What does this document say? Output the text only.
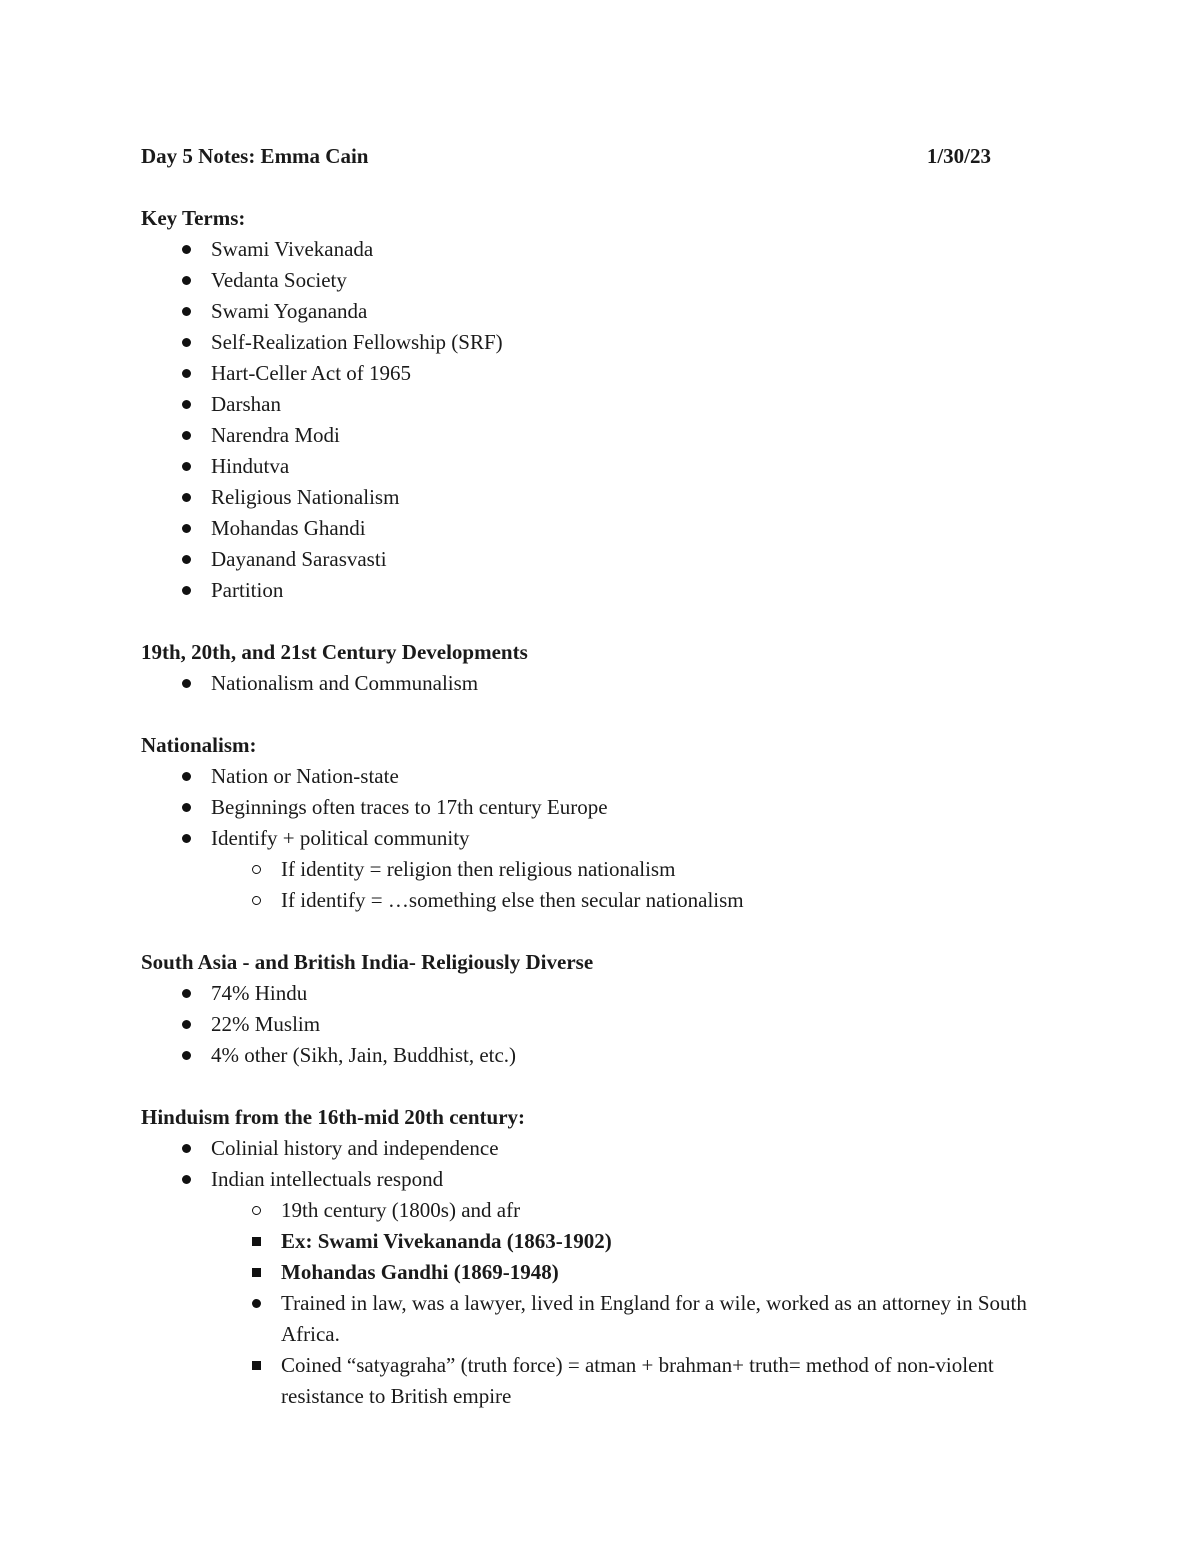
Day 5 Notes: Emma Cain	1/30/23
Key Terms:
Swami Vivekanada
Vedanta Society
Swami Yogananda
Self-Realization Fellowship (SRF)
Hart-Celler Act of 1965
Darshan
Narendra Modi
Hindutva
Religious Nationalism
Mohandas Ghandi
Dayanand Sarasvasti
Partition
19th, 20th, and 21st Century Developments
Nationalism and Communalism
Nationalism:
Nation or Nation-state
Beginnings often traces to 17th century Europe
Identify + political community
If identity = religion then religious nationalism
If identify = …something else then secular nationalism
South Asia - and British India- Religiously Diverse
74% Hindu
22% Muslim
4% other (Sikh, Jain, Buddhist, etc.)
Hinduism from the 16th-mid 20th century:
Colinial history and independence
Indian intellectuals respond
19th century (1800s) and afr
Ex: Swami Vivekananda (1863-1902)
Mohandas Gandhi (1869-1948)
Trained in law, was a lawyer, lived in England for a wile, worked as an attorney in South Africa.
Coined “satyagraha” (truth force) = atman + brahman+ truth= method of non-violent resistance to British empire
